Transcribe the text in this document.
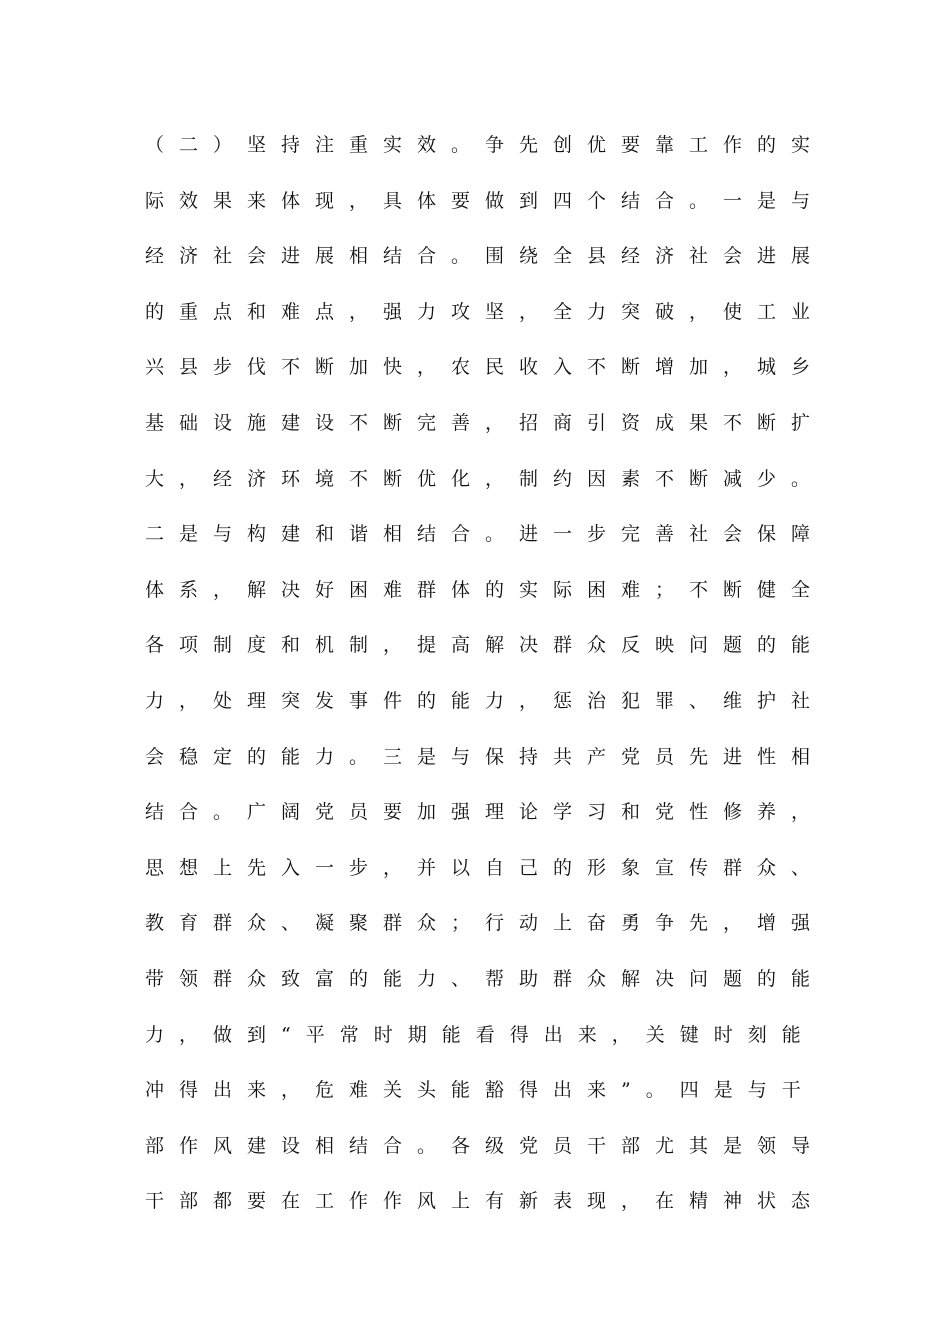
（二）坚持注重实效。争先创优要靠工作的实
际效果来体现，具体要做到四个结合。一是与
经济社会进展相结合。围绕全县经济社会进展
的重点和难点，强力攻坚，全力突破，使工业
兴县步伐不断加快，农民收入不断增加，城乡
基础设施建设不断完善，招商引资成果不断扩
大，经济环境不断优化，制约因素不断减少。
二是与构建和谐相结合。进一步完善社会保障
体系，解决好困难群体的实际困难；不断健全
各项制度和机制，提高解决群众反映问题的能
力，处理突发事件的能力，惩治犯罪、维护社
会稳定的能力。三是与保持共产党员先进性相
结合。广阔党员要加强理论学习和党性修养，
思想上先入一步，并以自己的形象宣传群众、
教育群众、凝聚群众；行动上奋勇争先，增强
带领群众致富的能力、帮助群众解决问题的能
力，做到“平常时期能看得出来，关键时刻能
冲得出来，危难关头能豁得出来”。四是与干
部作风建设相结合。各级党员干部尤其是领导
干部都要在工作作风上有新表现，在精神状态
